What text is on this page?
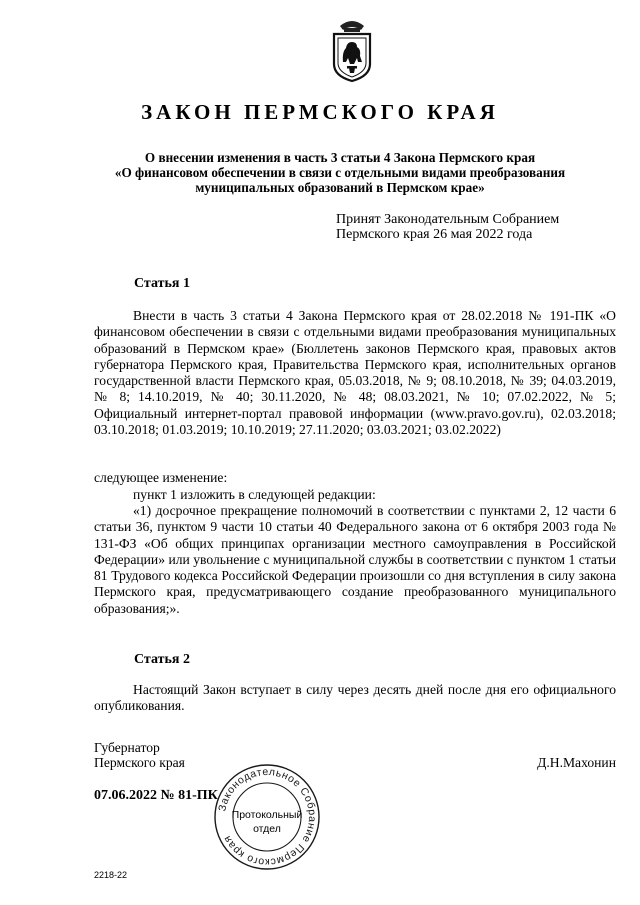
ЗАКОН ПЕРМСКОГО КРАЯ
О внесении изменения в часть 3 статьи 4 Закона Пермского края
«О финансовом обеспечении в связи с отдельными видами преобразования
муниципальных образований в Пермском крае»
Принят Законодательным Собранием
Пермского края 26 мая 2022 года
Статья 1

Внести в часть 3 статьи 4 Закона Пермского края от 28.02.2018 № 191-ПК «О финансовом обеспечении в связи с отдельными видами преобразования муниципальных образований в Пермском крае» (Бюллетень законов Пермского края, правовых актов губернатора Пермского края, Правительства Пермского края, исполнительных органов государственной власти Пермского края, 05.03.2018, № 9; 08.10.2018, № 39; 04.03.2019, № 8; 14.10.2019, № 40; 30.11.2020, № 48; 08.03.2021, № 10; 07.02.2022, № 5; Официальный интернет-портал правовой информации (www.pravo.gov.ru), 02.03.2018; 03.10.2018; 01.03.2019; 10.10.2019; 27.11.2020; 03.03.2021; 03.02.2022)

следующее изменение:
пункт 1 изложить в следующей редакции:
«1) досрочное прекращение полномочий в соответствии с пунктами 2, 12 части 6 статьи 36, пунктом 9 части 10 статьи 40 Федерального закона от 6 октября 2003 года № 131-ФЗ «Об общих принципах организации местного самоуправления в Российской Федерации» или увольнение с муниципальной службы в соответствии с пунктом 1 статьи 81 Трудового кодекса Российской Федерации произошли со дня вступления в силу закона Пермского края, предусматривающего создание преобразованного муниципального образования;».
Статья 2
Настоящий Закон вступает в силу через десять дней после дня его официального опубликования.
Губернатор
Пермского края	Д.Н.Махонин
07.06.2022 № 81-ПК
Законодательное Собрание Пермского края
Протокольный
отдел
2218-22
